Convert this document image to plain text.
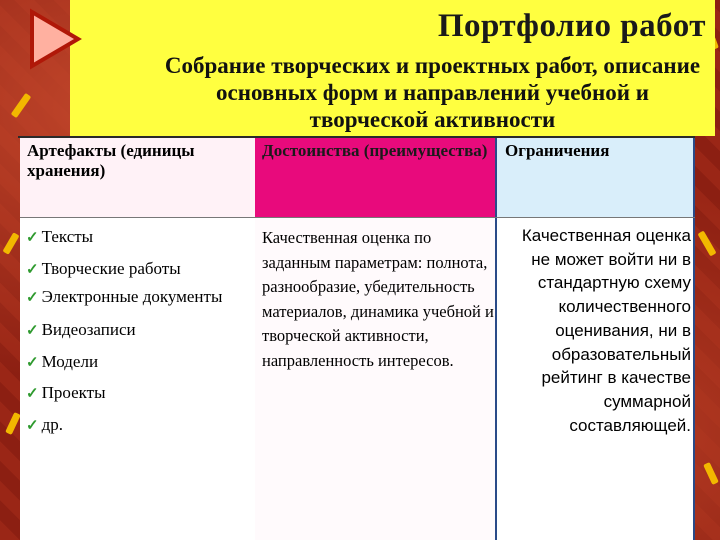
Портфолио работ
Собрание творческих и проектных работ, описание основных форм и направлений учебной и творческой активности
Артефакты (единицы хранения)
Достоинства (преимущества) Ограничения
✓ Тексты
✓ Творческие работы
✓ Электронные документы
✓ Видеозаписи
✓ Модели
✓ Проекты
✓ др.
Качественная оценка по заданным параметрам: полнота, разнообразие, убедительность материалов, динамика учебной и творческой активности, направленность интересов.
Качественная оценка не может войти ни в стандартную схему количественного оценивания, ни в образовательный рейтинг в качестве суммарной составляющей.
